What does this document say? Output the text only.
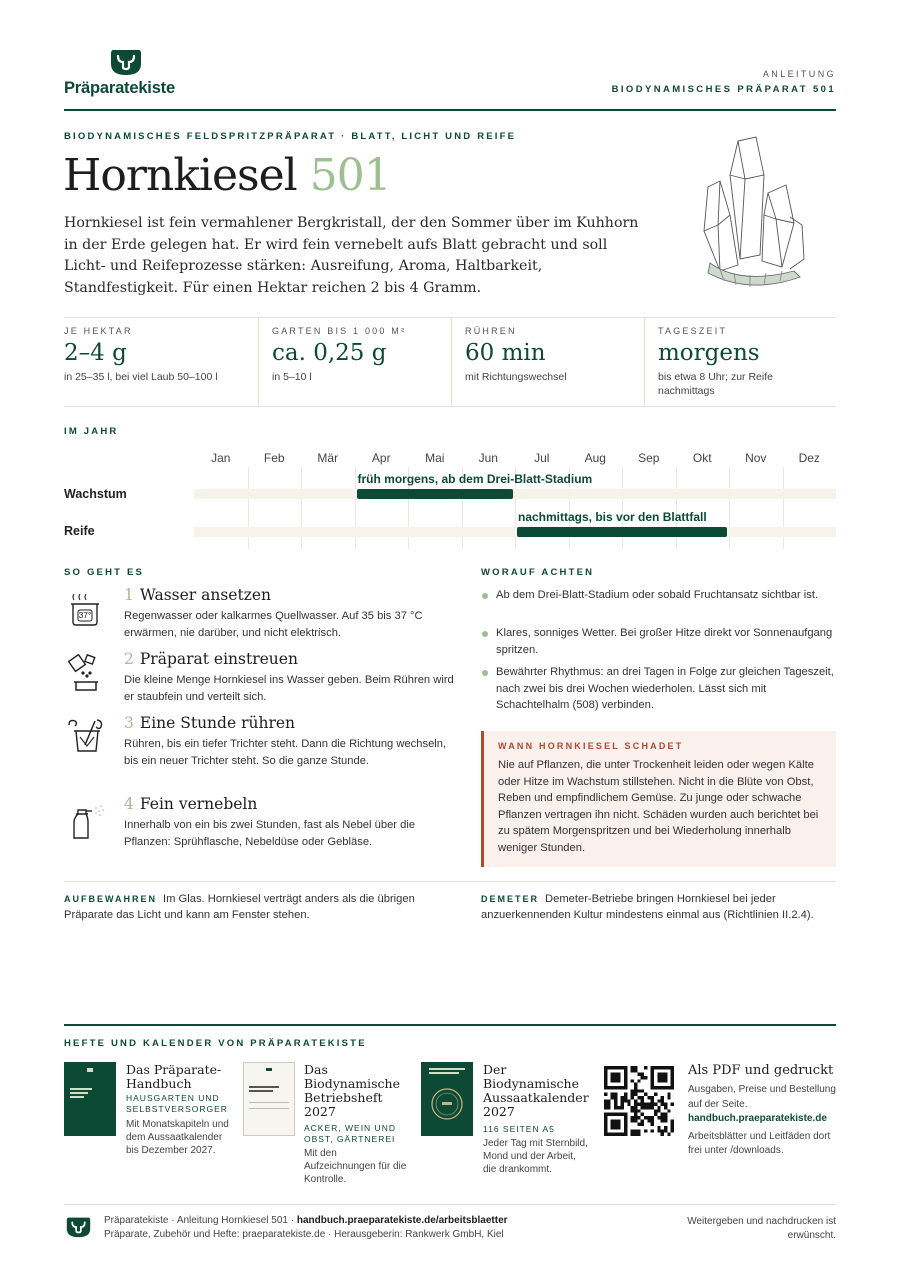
Präparatekiste
ANLEITUNG
BIODYNAMISCHES PRÄPARAT 501
BIODYNAMISCHES FELDSPRITZPRÄPARAT · BLATT, LICHT UND REIFE
Hornkiesel 501
Hornkiesel ist fein vermahlener Bergkristall, der den Sommer über im Kuhhorn in der Erde gelegen hat. Er wird fein vernebelt aufs Blatt gebracht und soll Licht- und Reifeprozesse stärken: Ausreifung, Aroma, Haltbarkeit, Standfestigkeit. Für einen Hektar reichen 2 bis 4 Gramm.
JE HEKTAR
2–4 g
in 25–35 l, bei viel Laub 50–100 l
GARTEN BIS 1 000 M²
ca. 0,25 g
in 5–10 l
RÜHREN
60 min
mit Richtungswechsel
TAGESZEIT
morgens
bis etwa 8 Uhr; zur Reife nachmittags
IM JAHR
Jan	Feb	Mär	Apr	Mai	Jun	Jul	Aug	Sep	Okt	Nov	Dez
früh morgens, ab dem Drei-Blatt-Stadium
nachmittags, bis vor den Blattfall
Wachstum
Reife
SO GEHT ES
37°
1 Wasser ansetzen
Regenwasser oder kalkarmes Quellwasser. Auf 35 bis 37 °C erwärmen, nie darüber, und nicht elektrisch.
2 Präparat einstreuen
Die kleine Menge Hornkiesel ins Wasser geben. Beim Rühren wird er staubfein und verteilt sich.
3 Eine Stunde rühren
Rühren, bis ein tiefer Trichter steht. Dann die Richtung wechseln, bis ein neuer Trichter steht. So die ganze Stunde.
4 Fein vernebeln
Innerhalb von ein bis zwei Stunden, fast als Nebel über die Pflanzen: Sprühflasche, Nebeldüse oder Gebläse.
WORAUF ACHTEN
Ab dem Drei-Blatt-Stadium oder sobald Fruchtansatz sichtbar ist.
Klares, sonniges Wetter. Bei großer Hitze direkt vor Sonnenaufgang spritzen.
Bewährter Rhythmus: an drei Tagen in Folge zur gleichen Tageszeit, nach zwei bis drei Wochen wiederholen. Lässt sich mit Schachtelhalm (508) verbinden.
WANN HORNKIESEL SCHADET
Nie auf Pflanzen, die unter Trockenheit leiden oder wegen Kälte oder Hitze im Wachstum stillstehen. Nicht in die Blüte von Obst, Reben und empfindlichem Gemüse. Zu junge oder schwache Pflanzen vertragen ihn nicht. Schäden wurden auch berichtet bei zu spätem Morgenspritzen und bei Wiederholung innerhalb weniger Stunden.
AUFBEWAHREN Im Glas. Hornkiesel verträgt anders als die übrigen Präparate das Licht und kann am Fenster stehen.
DEMETER Demeter-Betriebe bringen Hornkiesel bei jeder anzuerkennenden Kultur mindestens einmal aus (Richtlinien II.2.4).
HEFTE UND KALENDER VON PRÄPARATEKISTE
Das Präparate-Handbuch
HAUSGARTEN UND SELBSTVERSORGER
Mit Monatskapiteln und dem Aussaatkalender bis Dezember 2027.
Das Biodynamische Betriebsheft 2027
ACKER, WEIN UND OBST, GÄRTNEREI
Mit den Aufzeichnungen für die Kontrolle.
Der Biodynamische Aussaatkalender 2027
116 SEITEN A5
Jeder Tag mit Sternbild, Mond und der Arbeit, die drankommt.
Als PDF und gedruckt
Ausgaben, Preise und Bestellung auf der Seite.
handbuch.praeparatekiste.de
Arbeitsblätter und Leitfäden dort frei unter /downloads.
Präparatekiste · Anleitung Hornkiesel 501 · handbuch.praeparatekiste.de/arbeitsblaetter
Präparate, Zubehör und Hefte: praeparatekiste.de · Herausgeberin: Rankwerk GmbH, Kiel
Weitergeben und nachdrucken ist erwünscht.
